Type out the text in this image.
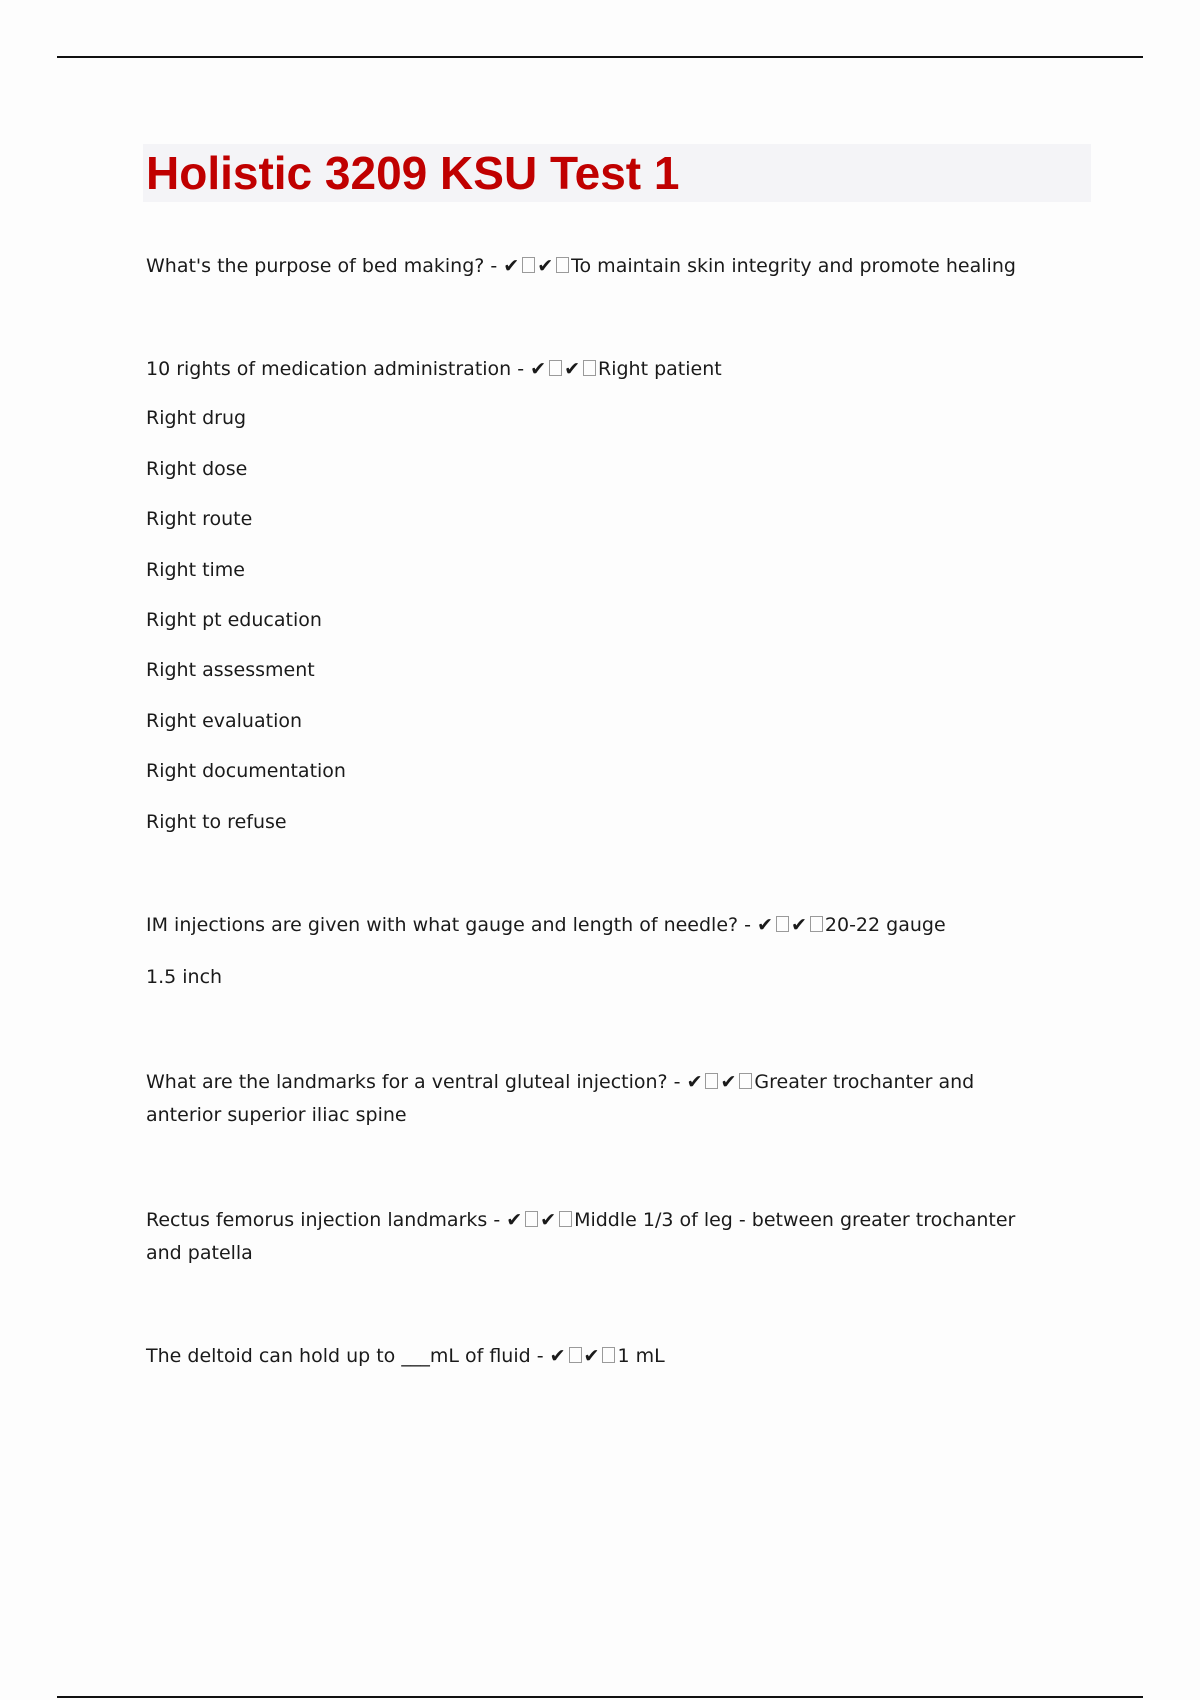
Holistic 3209 KSU Test 1

What's the purpose of bed making? - ✔ ✔ To maintain skin integrity and promote healing

10 rights of medication administration - ✔ ✔ Right patient

Right drug

Right dose

Right route

Right time

Right pt education

Right assessment

Right evaluation

Right documentation

Right to refuse

IM injections are given with what gauge and length of needle? - ✔ ✔ 20-22 gauge

1.5 inch

What are the landmarks for a ventral gluteal injection? - ✔ ✔ Greater trochanter and anterior superior iliac spine

Rectus femorus injection landmarks - ✔ ✔ Middle 1/3 of leg - between greater trochanter and patella

The deltoid can hold up to ___mL of fluid - ✔ ✔ 1 mL
